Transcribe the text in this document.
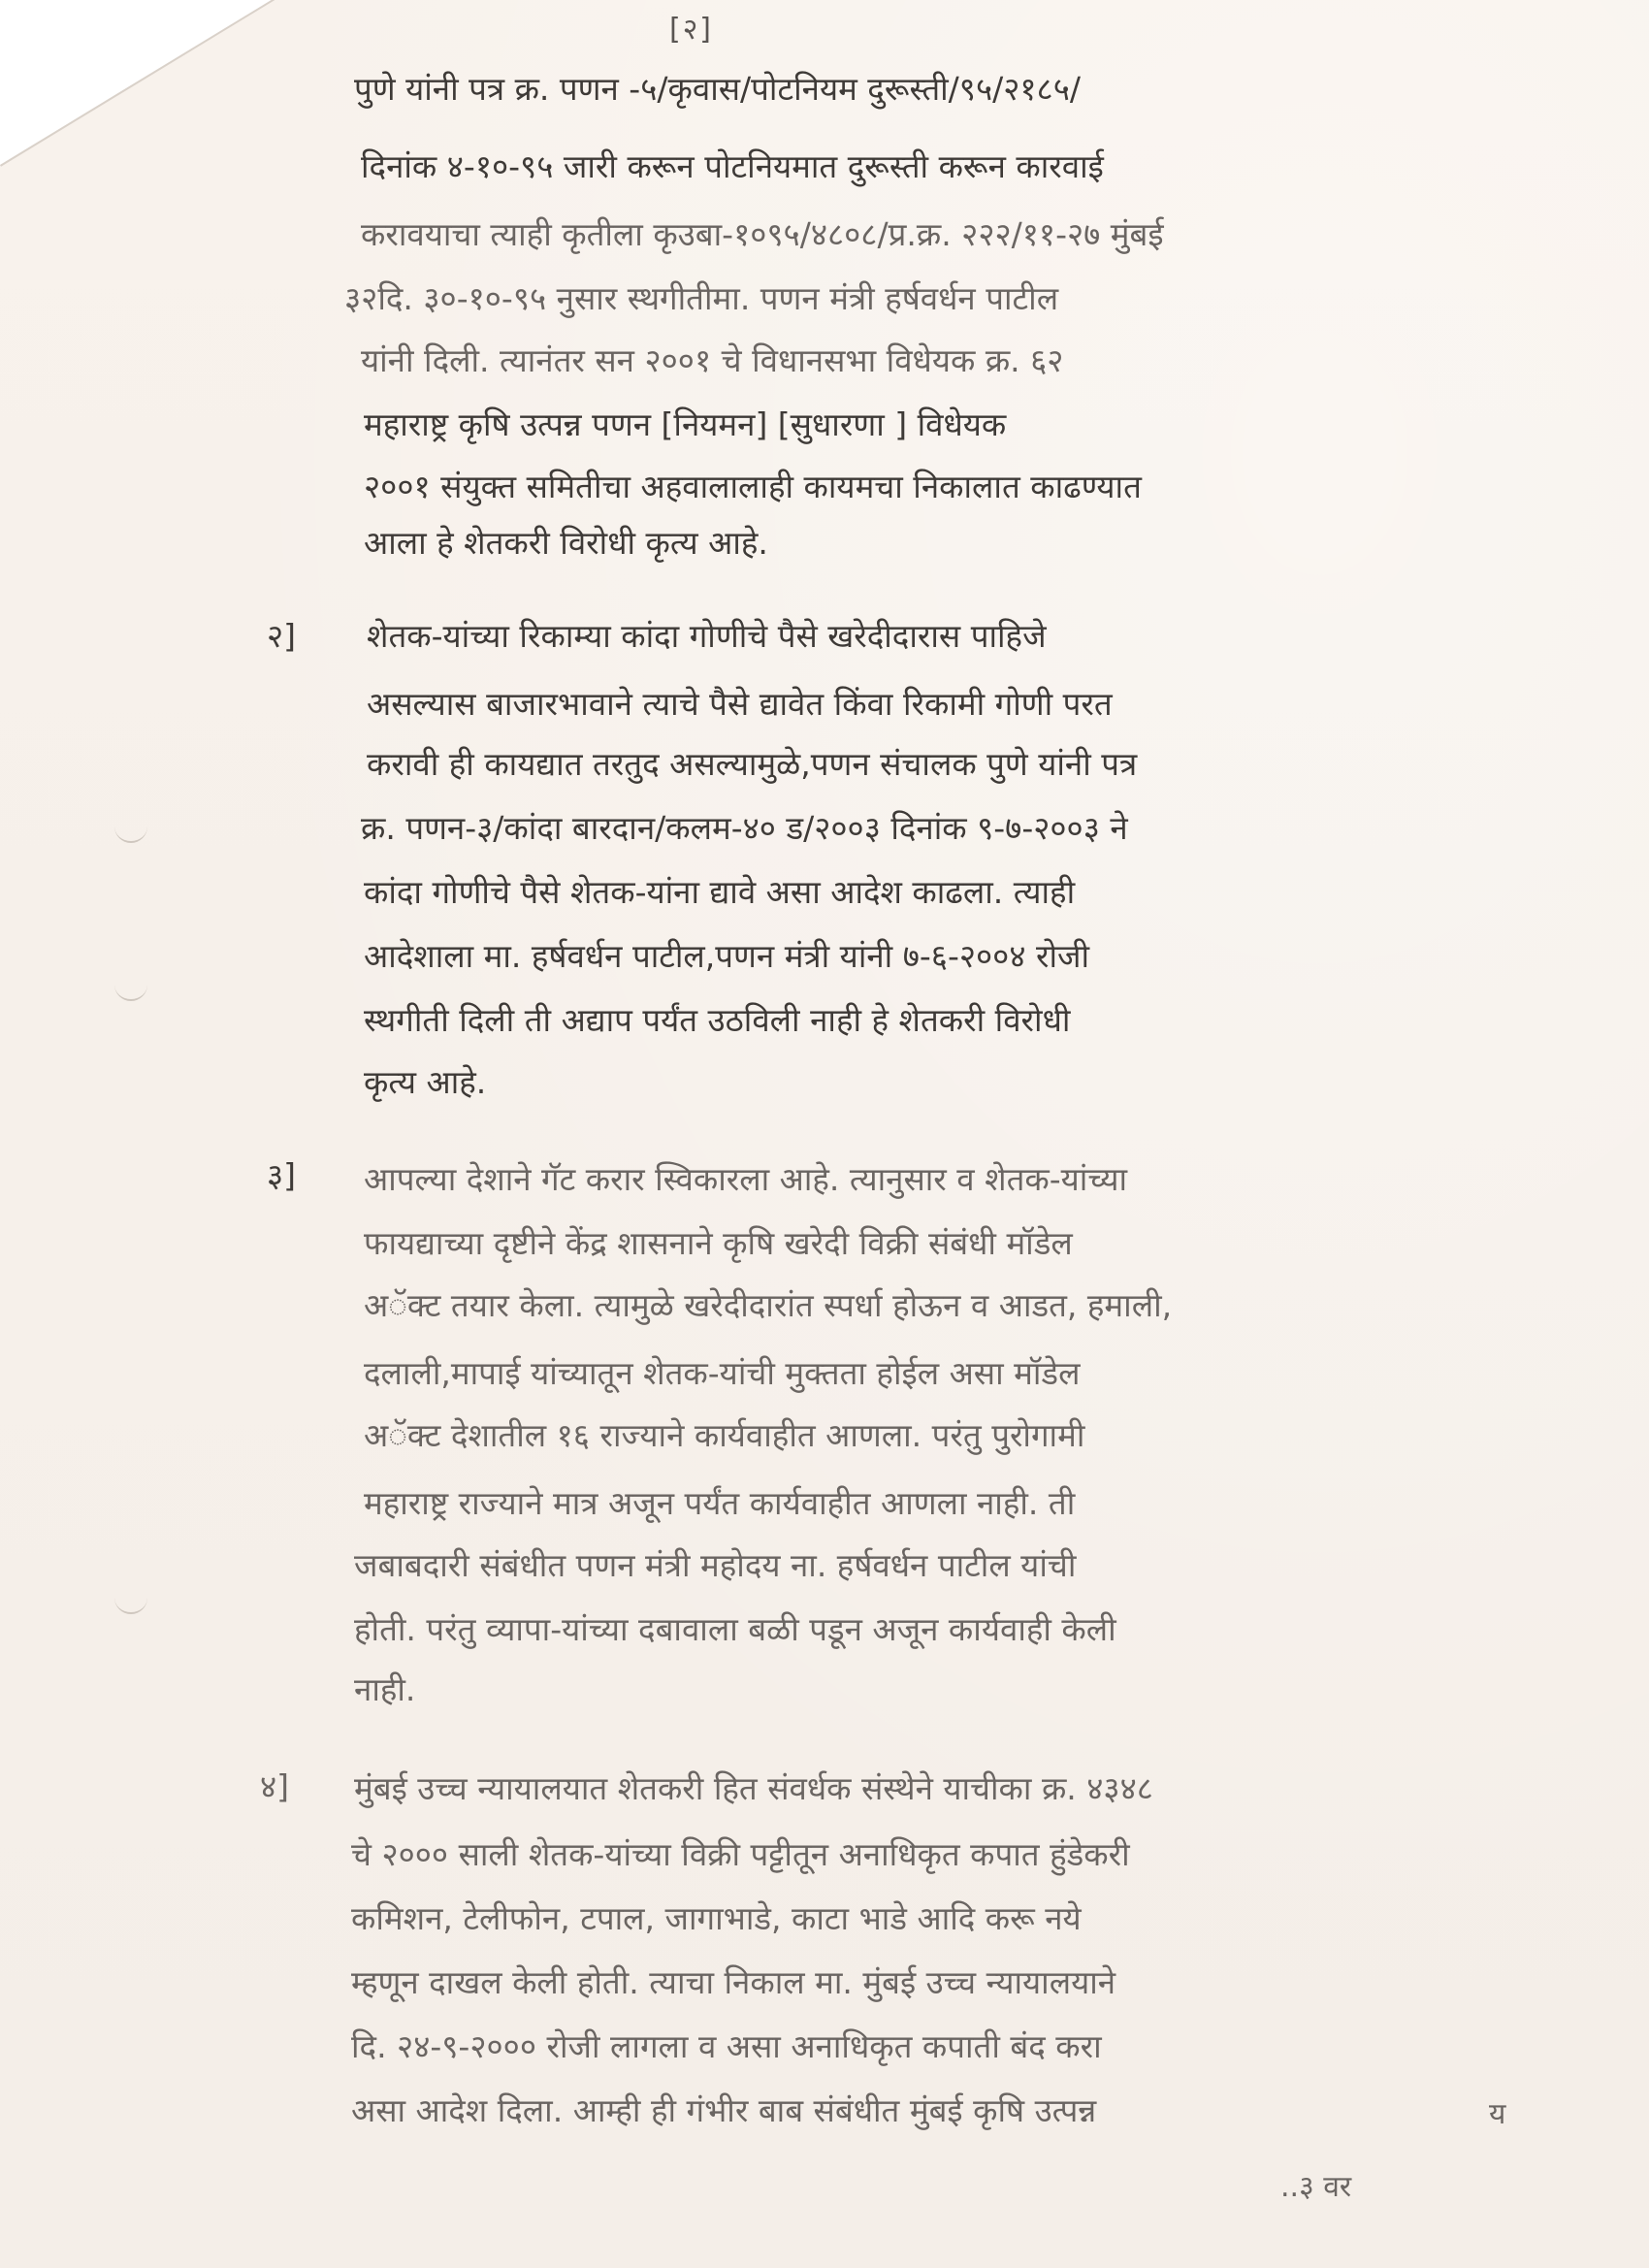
[२]
पुणे यांनी पत्र क्र. पणन -५/कृवास/पोटनियम दुरूस्ती/९५/२१८५/
दिनांक ४-१०-९५ जारी करून पोटनियमात दुरूस्ती करून कारवाई
करावयाचा त्याही कृतीला कृउबा-१०९५/४८०८/प्र.क्र. २२२/११-२७ मुंबई
३२दि. ३०-१०-९५ नुसार स्थगीतीमा. पणन मंत्री हर्षवर्धन पाटील
यांनी दिली. त्यानंतर सन २००१ चे विधानसभा विधेयक क्र. ६२
महाराष्ट्र कृषि उत्पन्न पणन [नियमन] [सुधारणा ] विधेयक
२००१ संयुक्त समितीचा अहवालालाही कायमचा निकालात काढण्यात
आला हे शेतकरी विरोधी कृत्य आहे.
२] शेतक-यांच्या रिकाम्या कांदा गोणीचे पैसे खरेदीदारास पाहिजे
असल्यास बाजारभावाने त्याचे पैसे द्यावेत किंवा रिकामी गोणी परत
करावी ही कायद्यात तरतुद असल्यामुळे,पणन संचालक पुणे यांनी पत्र
क्र. पणन-३/कांदा बारदान/कलम-४० ड/२००३ दिनांक ९-७-२००३ ने
कांदा गोणीचे पैसे शेतक-यांना द्यावे असा आदेश काढला. त्याही
आदेशाला मा. हर्षवर्धन पाटील,पणन मंत्री यांनी ७-६-२००४ रोजी
स्थगीती दिली ती अद्याप पर्यंत उठविली नाही हे शेतकरी विरोधी
कृत्य आहे.
३] आपल्या देशाने गॅट करार स्विकारला आहे. त्यानुसार व शेतक-यांच्या
फायद्याच्या दृष्टीने केंद्र शासनाने कृषि खरेदी विक्री संबंधी मॉडेल
अॅक्ट तयार केला. त्यामुळे खरेदीदारांत स्पर्धा होऊन व आडत, हमाली,
दलाली,मापाई यांच्यातून शेतक-यांची मुक्तता होईल असा मॉडेल
अॅक्ट देशातील १६ राज्याने कार्यवाहीत आणला. परंतु पुरोगामी
महाराष्ट्र राज्याने मात्र अजून पर्यंत कार्यवाहीत आणला नाही. ती
जबाबदारी संबंधीत पणन मंत्री महोदय ना. हर्षवर्धन पाटील यांची
होती. परंतु व्यापा-यांच्या दबावाला बळी पडून अजून कार्यवाही केली
नाही.
४] मुंबई उच्च न्यायालयात शेतकरी हित संवर्धक संस्थेने याचीका क्र. ४३४८
चे २००० साली शेतक-यांच्या विक्री पट्टीतून अनाधिकृत कपात हुंडेकरी
कमिशन, टेलीफोन, टपाल, जागाभाडे, काटा भाडे आदि करू नये
म्हणून दाखल केली होती. त्याचा निकाल मा. मुंबई उच्च न्यायालयाने
दि. २४-९-२००० रोजी लागला व असा अनाधिकृत कपाती बंद करा
असा आदेश दिला. आम्ही ही गंभीर बाब संबंधीत मुंबई कृषि उत्पन्न	य
..३ वर
